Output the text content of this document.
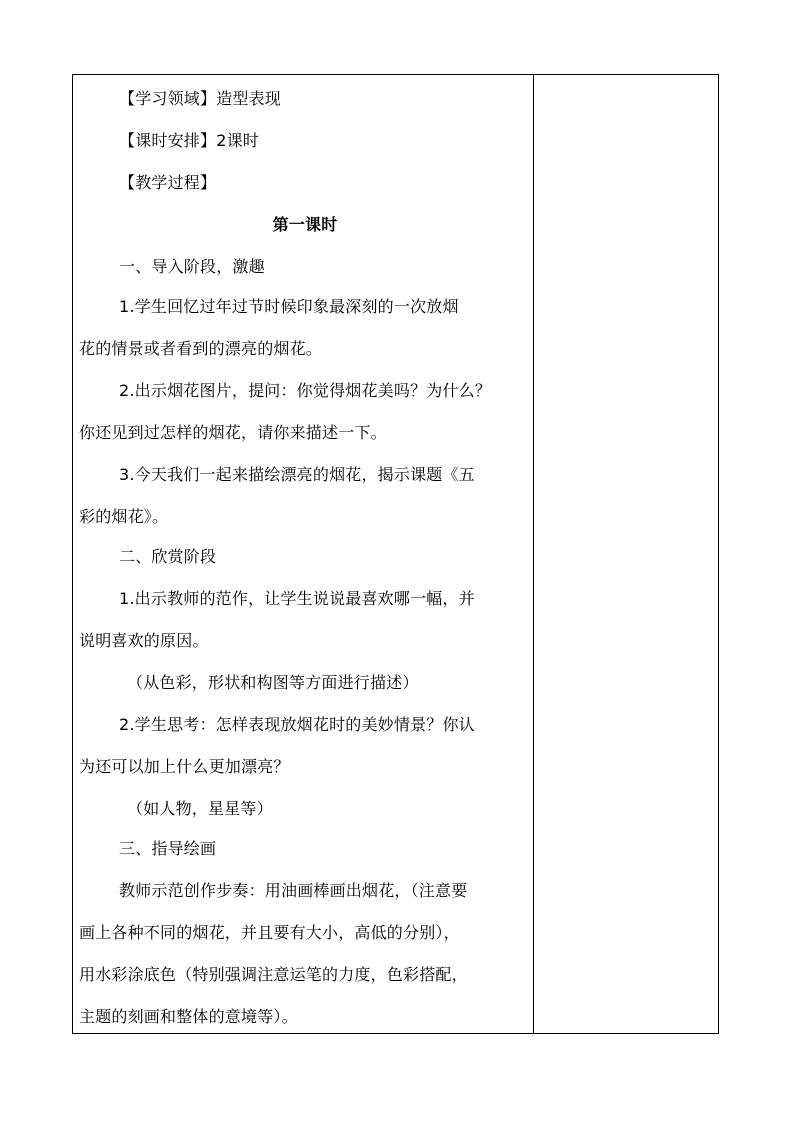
【学习领域】造型表现
【课时安排】2课时
【教学过程】
第一课时
一、导入阶段，激趣
1.学生回忆过年过节时候印象最深刻的一次放烟
花的情景或者看到的漂亮的烟花。
2.出示烟花图片，提问：你觉得烟花美吗？为什么？
你还见到过怎样的烟花，请你来描述一下。
3.今天我们一起来描绘漂亮的烟花，揭示课题《五
彩的烟花》。
二、欣赏阶段
1.出示教师的范作，让学生说说最喜欢哪一幅，并
说明喜欢的原因。
（从色彩，形状和构图等方面进行描述）
2.学生思考：怎样表现放烟花时的美妙情景？你认
为还可以加上什么更加漂亮？
（如人物，星星等）
三、指导绘画
教师示范创作步奏：用油画棒画出烟花，（注意要
画上各种不同的烟花，并且要有大小，高低的分别），
用水彩涂底色（特别强调注意运笔的力度，色彩搭配，
主题的刻画和整体的意境等）。
